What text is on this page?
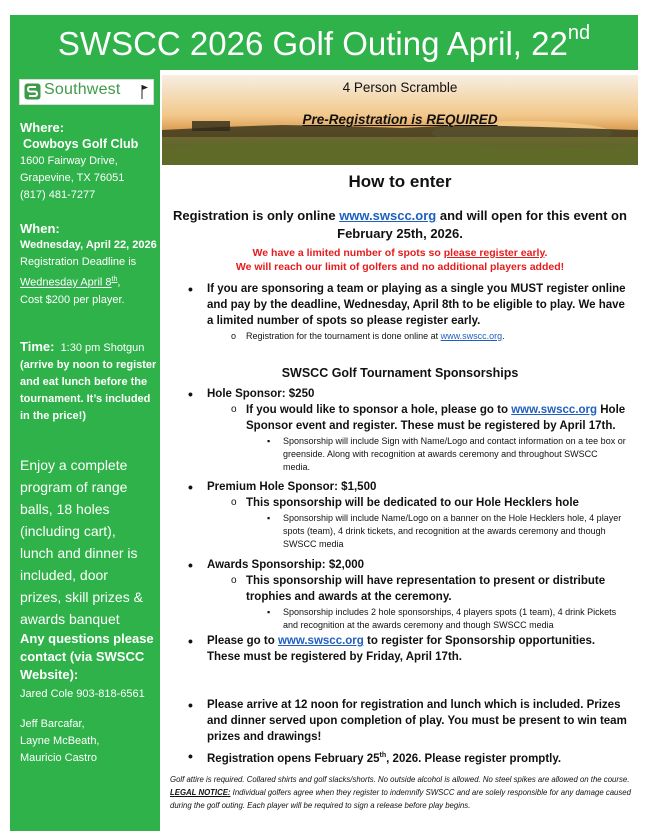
SWSCC 2026 Golf Outing April, 22nd
Southwest
Where:
Cowboys Golf Club
1600 Fairway Drive,
Grapevine, TX 76051
(817) 481-7277
When:
Wednesday, April 22, 2026
Registration Deadline is
Wednesday April 8th,
Cost $200 per player.
Time: 1:30 pm Shotgun
(arrive by noon to register and eat lunch before the tournament. It’s included in the price!)
Enjoy a complete program of range balls, 18 holes (including cart), lunch and dinner is included, door prizes, skill prizes & awards banquet
Any questions please contact (via SWSCC Website):
Jared Cole 903-818-6561
Jeff Barcafar,
Layne McBeath,
Mauricio Castro
4 Person Scramble
Pre-Registration is REQUIRED
How to enter
Registration is only online www.swscc.org and will open for this event on February 25th, 2026.
We have a limited number of spots so please register early.
We will reach our limit of golfers and no additional players added!
• If you are sponsoring a team or playing as a single you MUST register online and pay by the deadline, Wednesday, April 8th to be eligible to play. We have a limited number of spots so please register early.
o Registration for the tournament is done online at www.swscc.org.
SWSCC Golf Tournament Sponsorships
• Hole Sponsor: $250
o If you would like to sponsor a hole, please go to www.swscc.org Hole Sponsor event and register. These must be registered by April 17th.
▪ Sponsorship will include Sign with Name/Logo and contact information on a tee box or greenside. Along with recognition at awards ceremony and throughout SWSCC media.
• Premium Hole Sponsor: $1,500
o This sponsorship will be dedicated to our Hole Hecklers hole
▪ Sponsorship will include Name/Logo on a banner on the Hole Hecklers hole, 4 player spots (team), 4 drink tickets, and recognition at the awards ceremony and though SWSCC media
• Awards Sponsorship: $2,000
o This sponsorship will have representation to present or distribute trophies and awards at the ceremony.
▪ Sponsorship includes 2 hole sponsorships, 4 players spots (1 team), 4 drink Pickets and recognition at the awards ceremony and though SWSCC media
• Please go to www.swscc.org to register for Sponsorship opportunities. These must be registered by Friday, April 17th.
• Please arrive at 12 noon for registration and lunch which is included. Prizes and dinner served upon completion of play. You must be present to win team prizes and drawings!
• Registration opens February 25th, 2026. Please register promptly.
Golf attire is required. Collared shirts and golf slacks/shorts. No outside alcohol is allowed. No steel spikes are allowed on the course. LEGAL NOTICE: Individual golfers agree when they register to indemnify SWSCC and are solely responsible for any damage caused during the golf outing. Each player will be required to sign a release before play begins.
